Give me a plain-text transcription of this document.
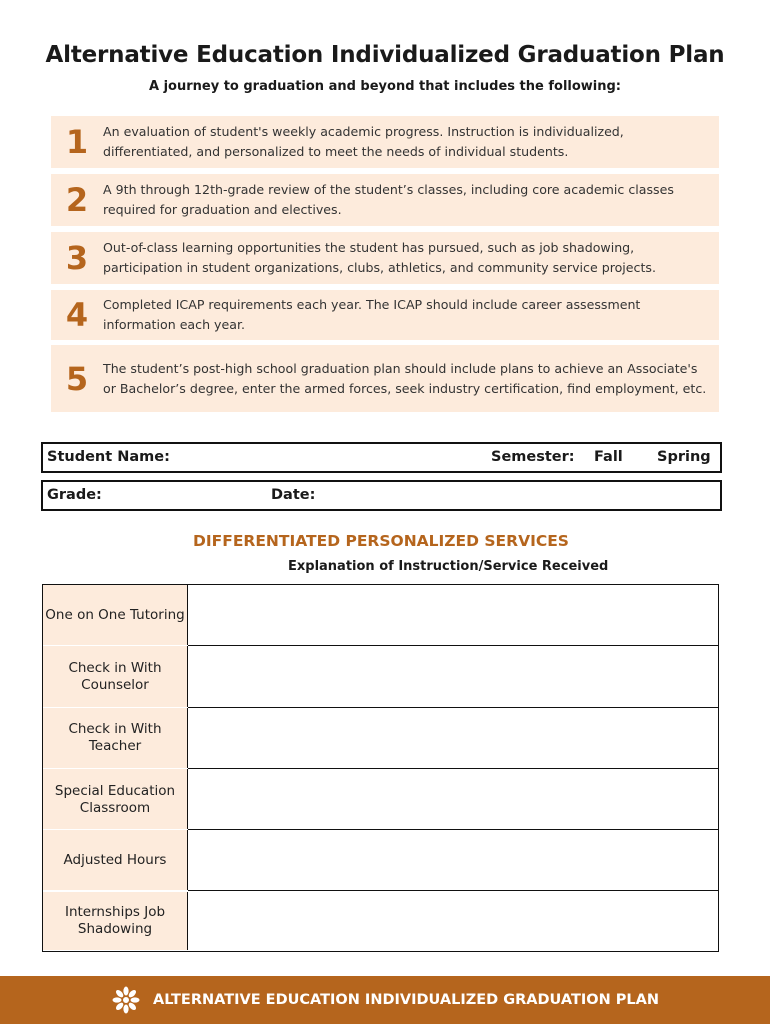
Alternative Education Individualized Graduation Plan
A journey to graduation and beyond that includes the following:
1	An evaluation of student's weekly academic progress. Instruction is individualized, differentiated, and personalized to meet the needs of individual students.
2	A 9th through 12th-grade review of the student’s classes, including core academic classes required for graduation and electives.
3	Out-of-class learning opportunities the student has pursued, such as job shadowing, participation in student organizations, clubs, athletics, and community service projects.
4	Completed ICAP requirements each year. The ICAP should include career assessment information each year.
5	The student’s post-high school graduation plan should include plans to achieve an Associate's or Bachelor’s degree, enter the armed forces, seek industry certification, find employment, etc.
Student Name:	Semester: Fall Spring
Grade:	Date:
DIFFERENTIATED PERSONALIZED SERVICES
Explanation of Instruction/Service Received
One on One Tutoring
Check in With Counselor
Check in With Teacher
Special Education Classroom
Adjusted Hours
Internships Job Shadowing
ALTERNATIVE EDUCATION INDIVIDUALIZED GRADUATION PLAN
